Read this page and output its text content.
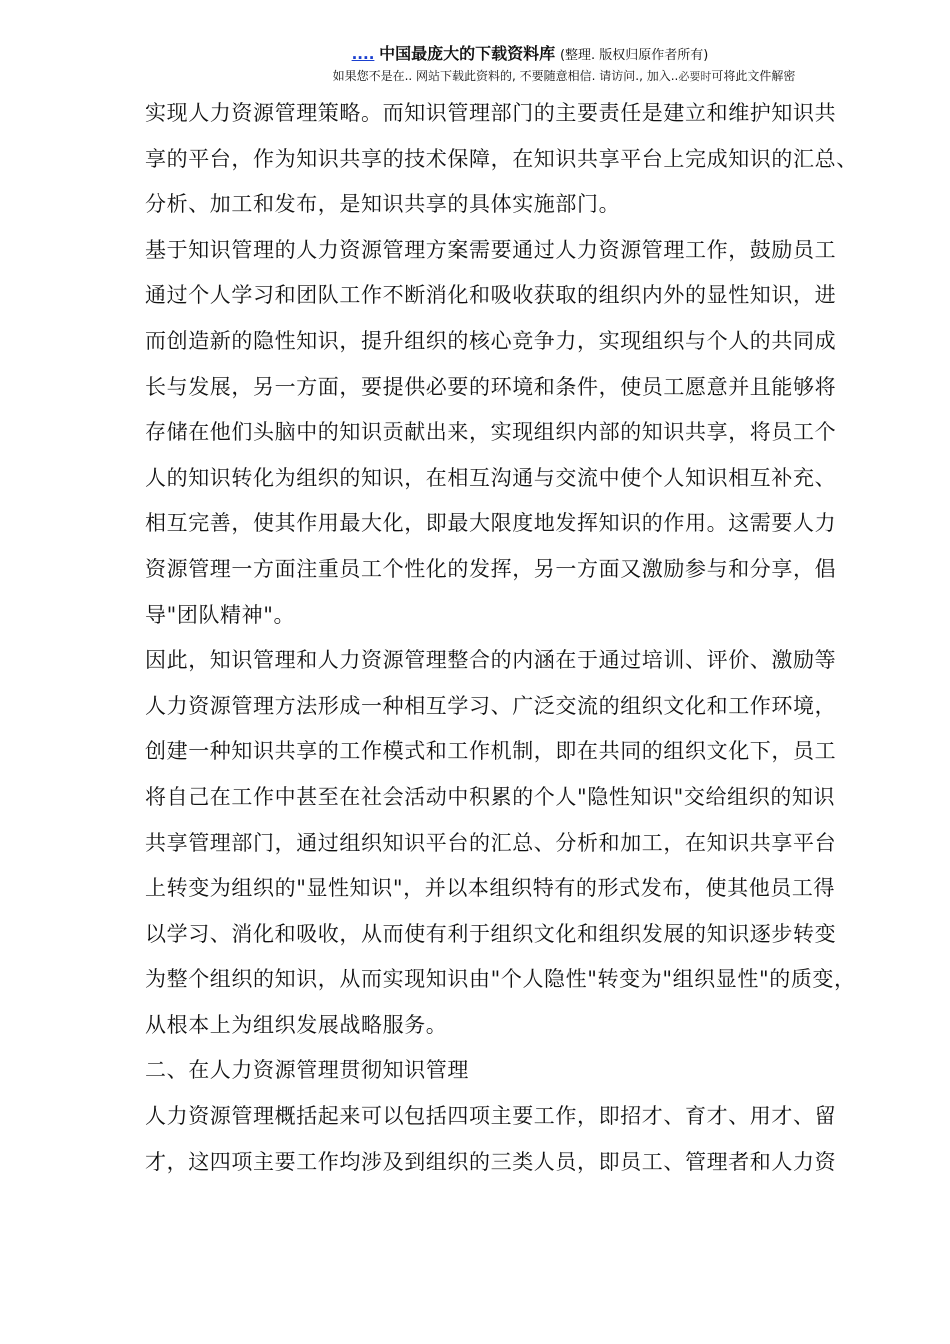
.... 中国最庞大的下载资料库 (整理. 版权归原作者所有)
如果您不是在.. 网站下载此资料的, 不要随意相信. 请访问., 加入..必要时可将此文件解密
实现人力资源管理策略。而知识管理部门的主要责任是建立和维护知识共
享的平台，作为知识共享的技术保障，在知识共享平台上完成知识的汇总、
分析、加工和发布，是知识共享的具体实施部门。
基于知识管理的人力资源管理方案需要通过人力资源管理工作，鼓励员工
通过个人学习和团队工作不断消化和吸收获取的组织内外的显性知识，进
而创造新的隐性知识，提升组织的核心竞争力，实现组织与个人的共同成
长与发展，另一方面，要提供必要的环境和条件，使员工愿意并且能够将
存储在他们头脑中的知识贡献出来，实现组织内部的知识共享，将员工个
人的知识转化为组织的知识，在相互沟通与交流中使个人知识相互补充、
相互完善，使其作用最大化，即最大限度地发挥知识的作用。这需要人力
资源管理一方面注重员工个性化的发挥，另一方面又激励参与和分享，倡
导"团队精神"。
因此，知识管理和人力资源管理整合的内涵在于通过培训、评价、激励等
人力资源管理方法形成一种相互学习、广泛交流的组织文化和工作环境，
创建一种知识共享的工作模式和工作机制，即在共同的组织文化下，员工
将自己在工作中甚至在社会活动中积累的个人"隐性知识"交给组织的知识
共享管理部门，通过组织知识平台的汇总、分析和加工，在知识共享平台
上转变为组织的"显性知识"，并以本组织特有的形式发布，使其他员工得
以学习、消化和吸收，从而使有利于组织文化和组织发展的知识逐步转变
为整个组织的知识，从而实现知识由"个人隐性"转变为"组织显性"的质变，
从根本上为组织发展战略服务。
二、在人力资源管理贯彻知识管理
人力资源管理概括起来可以包括四项主要工作，即招才、育才、用才、留
才，这四项主要工作均涉及到组织的三类人员，即员工、管理者和人力资
